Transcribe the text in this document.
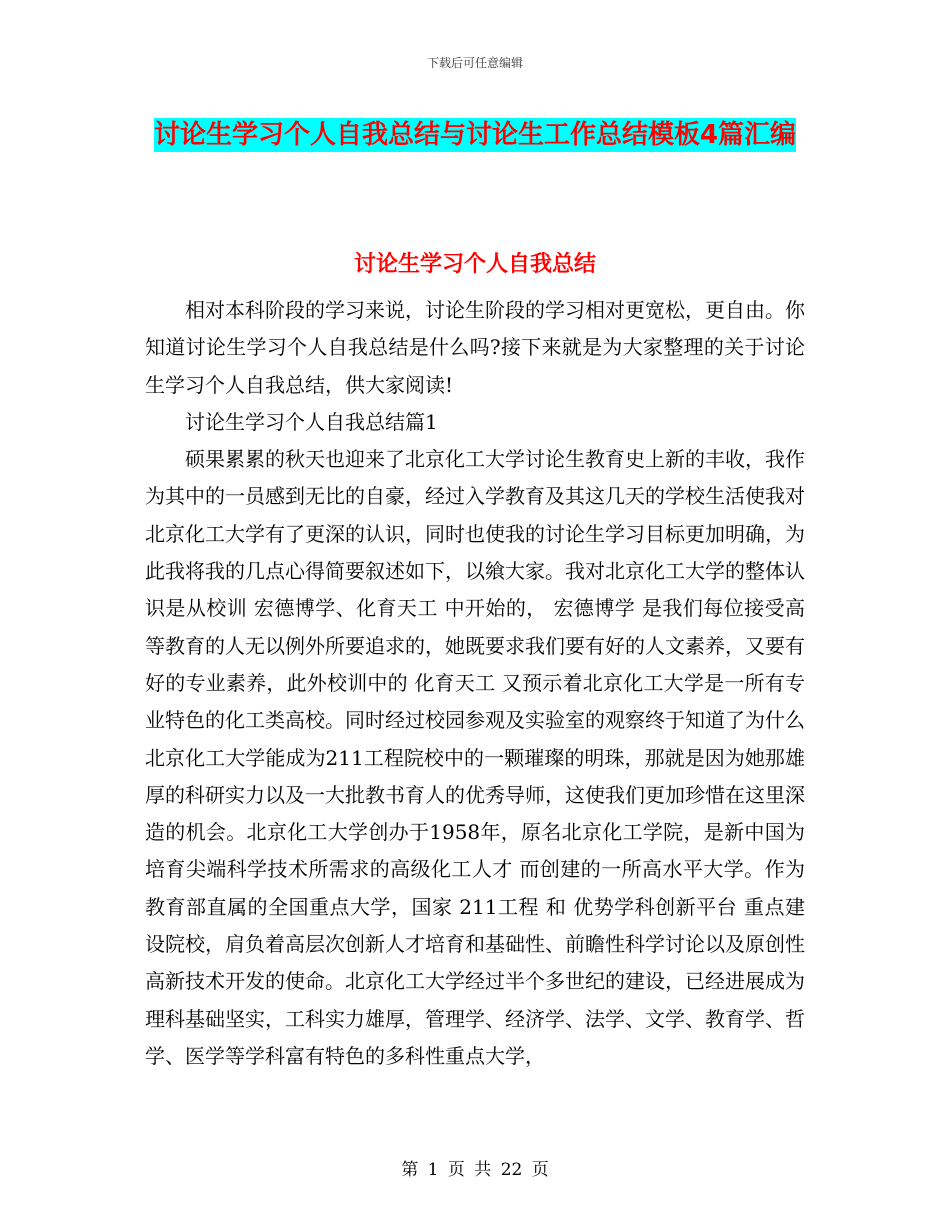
下载后可任意编辑
讨论生学习个人自我总结与讨论生工作总结模板4篇汇编
讨论生学习个人自我总结

相对本科阶段的学习来说，讨论生阶段的学习相对更宽松，更自由。你知道讨论生学习个人自我总结是什么吗?接下来就是为大家整理的关于讨论生学习个人自我总结，供大家阅读!

讨论生学习个人自我总结篇1

硕果累累的秋天也迎来了北京化工大学讨论生教育史上新的丰收，我作为其中的一员感到无比的自豪，经过入学教育及其这几天的学校生活使我对北京化工大学有了更深的认识，同时也使我的讨论生学习目标更加明确，为此我将我的几点心得简要叙述如下，以飨大家。我对北京化工大学的整体认识是从校训 宏德博学、化育天工 中开始的， 宏德博学 是我们每位接受高等教育的人无以例外所要追求的，她既要求我们要有好的人文素养，又要有好的专业素养，此外校训中的 化育天工 又预示着北京化工大学是一所有专业特色的化工类高校。同时经过校园参观及实验室的观察终于知道了为什么北京化工大学能成为211工程院校中的一颗璀璨的明珠，那就是因为她那雄厚的科研实力以及一大批教书育人的优秀导师，这使我们更加珍惜在这里深造的机会。北京化工大学创办于1958年，原名北京化工学院，是新中国为 培育尖端科学技术所需求的高级化工人才 而创建的一所高水平大学。作为教育部直属的全国重点大学，国家 211工程 和 优势学科创新平台 重点建设院校，肩负着高层次创新人才培育和基础性、前瞻性科学讨论以及原创性高新技术开发的使命。北京化工大学经过半个多世纪的建设，已经进展成为理科基础坚实，工科实力雄厚，管理学、经济学、法学、文学、教育学、哲学、医学等学科富有特色的多科性重点大学，

第 1 页 共 22 页
